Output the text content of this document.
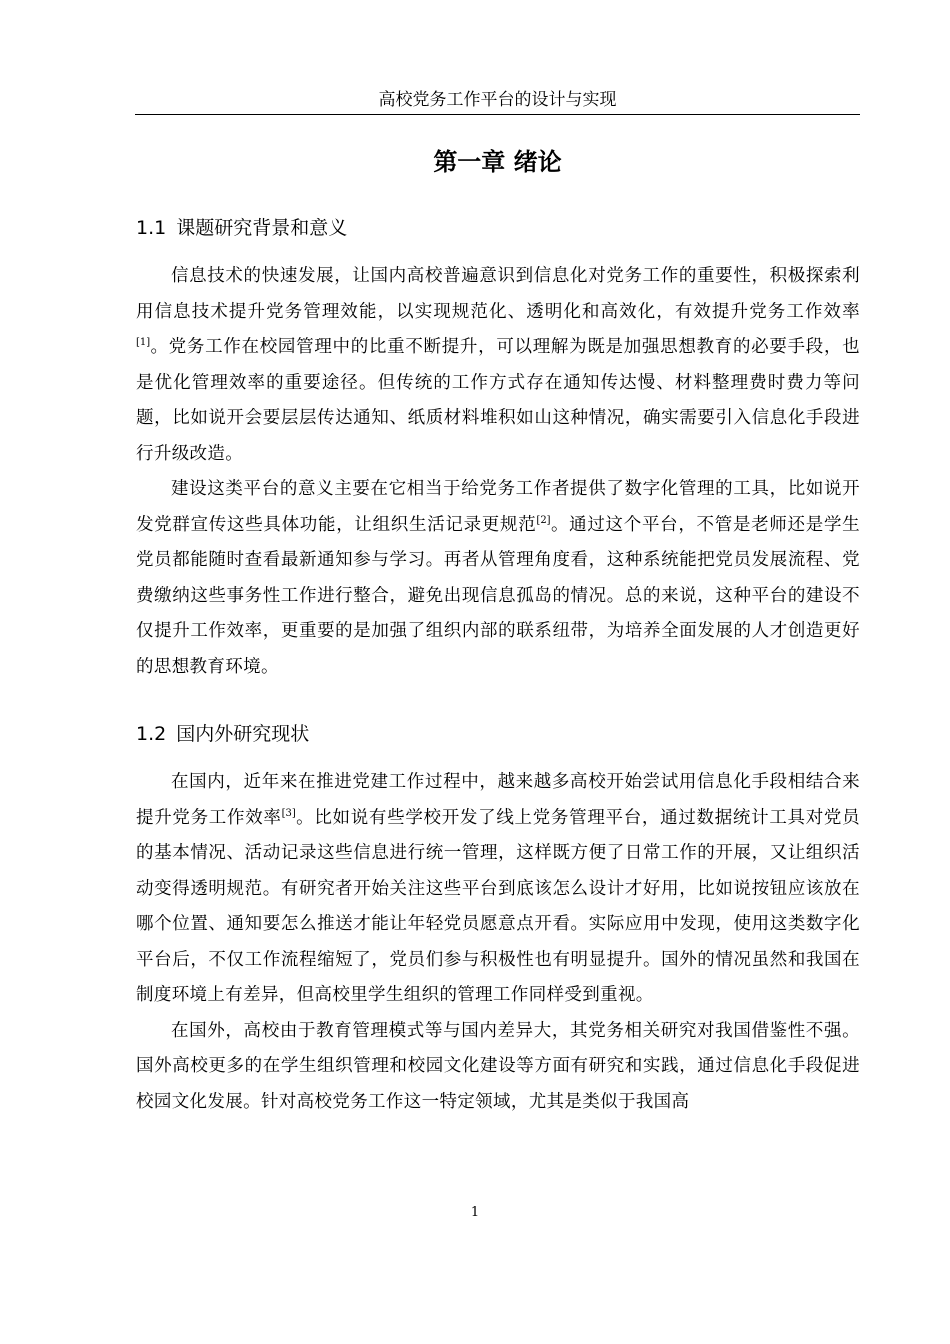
高校党务工作平台的设计与实现
第一章 绪论
1.1 课题研究背景和意义

信息技术的快速发展，让国内高校普遍意识到信息化对党务工作的重要性，积极探索利用信息技术提升党务管理效能，以实现规范化、透明化和高效化，有效提升党务工作效率[1]。党务工作在校园管理中的比重不断提升，可以理解为既是加强思想教育的必要手段，也是优化管理效率的重要途径。但传统的工作方式存在通知传达慢、材料整理费时费力等问题，比如说开会要层层传达通知、纸质材料堆积如山这种情况，确实需要引入信息化手段进行升级改造。

建设这类平台的意义主要在它相当于给党务工作者提供了数字化管理的工具，比如说开发党群宣传这些具体功能，让组织生活记录更规范[2]。通过这个平台，不管是老师还是学生党员都能随时查看最新通知参与学习。再者从管理角度看，这种系统能把党员发展流程、党费缴纳这些事务性工作进行整合，避免出现信息孤岛的情况。总的来说，这种平台的建设不仅提升工作效率，更重要的是加强了组织内部的联系纽带，为培养全面发展的人才创造更好的思想教育环境。

1.2 国内外研究现状

在国内，近年来在推进党建工作过程中，越来越多高校开始尝试用信息化手段相结合来提升党务工作效率[3]。比如说有些学校开发了线上党务管理平台，通过数据统计工具对党员的基本情况、活动记录这些信息进行统一管理，这样既方便了日常工作的开展，又让组织活动变得透明规范。有研究者开始关注这些平台到底该怎么设计才好用，比如说按钮应该放在哪个位置、通知要怎么推送才能让年轻党员愿意点开看。实际应用中发现，使用这类数字化平台后，不仅工作流程缩短了，党员们参与积极性也有明显提升。国外的情况虽然和我国在制度环境上有差异，但高校里学生组织的管理工作同样受到重视。

在国外，高校由于教育管理模式等与国内差异大，其党务相关研究对我国借鉴性不强。国外高校更多的在学生组织管理和校园文化建设等方面有研究和实践，通过信息化手段促进校园文化发展。针对高校党务工作这一特定领域，尤其是类似于我国高

1
